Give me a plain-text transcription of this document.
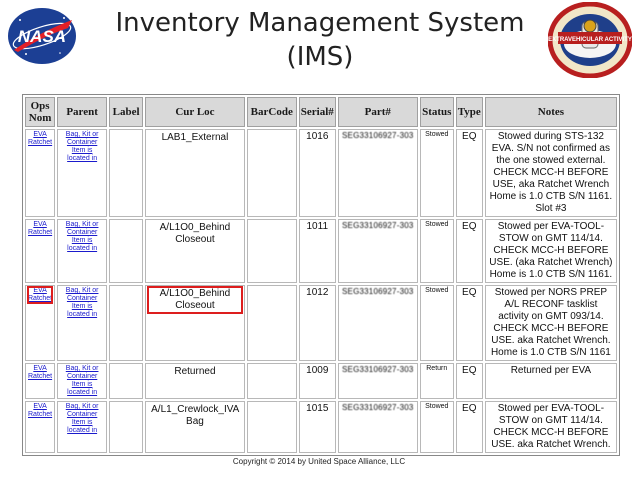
NASA	Inventory Management System
(IMS)
EXTRAVEHICULAR ACTIVITY
Ops Nom	Parent	Label	Cur Loc	BarCode	Serial#	Part#	Status	Type	Notes

EVA Ratchet	Bag, Kit or Container Item is located in		LAB1_External		1016	SEG33106927-303	Stowed	EQ	Stowed during STS-132 EVA. S/N not confirmed as the one stowed external. CHECK MCC-H BEFORE USE, aka Ratchet Wrench Home is 1.0 CTB S/N 1161. Slot #3

EVA Ratchet	Bag, Kit or Container Item is located in		A/L1O0_Behind Closeout		1011	SEG33106927-303	Stowed	EQ	Stowed per EVA-TOOL-STOW on GMT 114/14. CHECK MCC-H BEFORE USE. (aka Ratchet Wrench) Home is 1.0 CTB S/N 1161.

EVA Ratchet	Bag, Kit or Container Item is located in		A/L1O0_Behind Closeout		1012	SEG33106927-303	Stowed	EQ	Stowed per NORS PREP A/L RECONF tasklist activity on GMT 093/14. CHECK MCC-H BEFORE USE. aka Ratchet Wrench. Home is 1.0 CTB S/N 1161

EVA Ratchet	Bag, Kit or Container Item is located in		Returned		1009	SEG33106927-303	Return	EQ	Returned per EVA

EVA Ratchet	Bag, Kit or Container Item is located in		A/L1_Crewlock_IVA Bag		1015	SEG33106927-303	Stowed	EQ	Stowed per EVA-TOOL-STOW on GMT 114/14. CHECK MCC-H BEFORE USE. aka Ratchet Wrench.
Copyright © 2014 by United Space Alliance, LLC
